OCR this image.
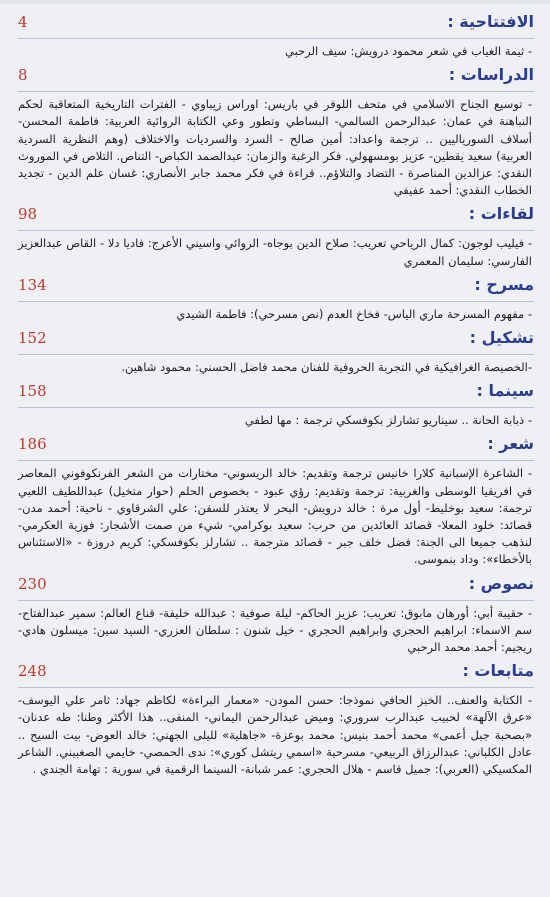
الافتتاحية :
4
- ثيمة الغياب في شعر محمود درويش: سيف الرحبي
الدراسات :
8
- توسيع الجناح الاسلامي في متحف اللوفر في باريس: اوراس زيباوي - الفترات التاريخية المتعاقبة لحكم النباهنة في عمان: عبدالرحمن السالمي- البساطي وتطور وعي الكتابة الروائية العربية: فاطمة المحسن- أسلاف السورياليين .. ترجمة واعداد: أمين صالح - السرد والسرديات والاختلاف (وهم النظرية السردية العربية) سعيد يقطين- عزيز بومسهولي. فكر الرغبة والزمان: عبدالصمد الكباص- التناص. التلاص في الموروث النقدي: عزالدين المناصرة - التضاد والتلاؤم.. قراءة في فكر محمد جابر الأنصاري: غسان علم الدين - تجديد الخطاب النقدي: أحمد عفيفي
لقاءات :
98
- فيليب لوجون: كمال الرياحي تعريب: صلاح الدين بوجاه- الروائي واسيني الأعرج: فاديا دلا - القاص عبدالعزيز الفارسي: سليمان المعمري
مسرح :
134
- مفهوم المسرحة ماري الياس- فخاخ العدم (نص مسرحي): فاطمة الشيدي
تشكيل :
152
-الخصيصة الغرافيكية في التجربة الحروفية للفنان محمد فاضل الحسني: محمود شاهين.
سينما :
158
- ذبابة الحانة .. سيناريو تشارلز بكوفسكي ترجمة : مها لطفي
شعر :
186
- الشاعرة الإسبانية كلارا خانيس ترجمة وتقديم: خالد الريسوني- مختارات من الشعر الفرنكوفوني المعاصر في افريقيا الوسطى والغربية: ترجمة وتقديم: رؤي عبود - بخصوص الحلم (حوار متخيل) عبداللطيف اللعبي ترجمة: سعيد بوخليط- أول مرة : خالد درويش- البحر لا يعتذر للسفن: علي الشرقاوي - ناحية: أحمد مدن- قصائد: خلود المعلا- قصائد العائدين من حرب: سعيد بوكرامي- شيء من صمت الأشجار: فوزية العكرمي- لنذهب جميعا الى الجنة: فضل خلف جبر - قصائد مترجمة .. تشارلز بكوفسكي: كريم دروزة - «الاستئناس بالأخطاء»: وداد بنموسى.
نصوص :
230
- حقيبة أبي: أورهان مابوق: تعريب: عزيز الحاكم- ليلة صوفية : عبدالله خليفة- قناع العالم: سمير عبدالفتاح- سم الاسماء: ابراهيم الحجري وابراهيم الحجري - خيل شنون : سلطان العزري- السيد سين: ميسلون هادي- ريجيم: أحمد محمد الرحبي
متابعات :
248
- الكتابة والعنف.. الخبز الحافي نموذجا: حسن المودن- «معمار البراءة» لكاظم جهاد: ثامر علي اليوسف- «عرق الآلهة» لحبيب عبدالرب سروري: وميض عبدالرحمن اليماني- المنفى.. هذا الأكثر وطنا: طه عدنان- «بصحبة جبل أعمى» محمد أحمد بنيس: محمد بوعزة- «جاهلية» لليلى الجهني: خالد العوض- بيت السيح .. عادل الكلباني: عبدالرزاق الربيعي- مسرحية «اسمي ريتشل كوري»: ندى الحمصي- خايمي الصغبيني. الشاعر المكسيكي (العربي): جميل قاسم - هلال الحجري: عمر شبانة- السينما الرقمية في سورية : تهامة الجندي .
